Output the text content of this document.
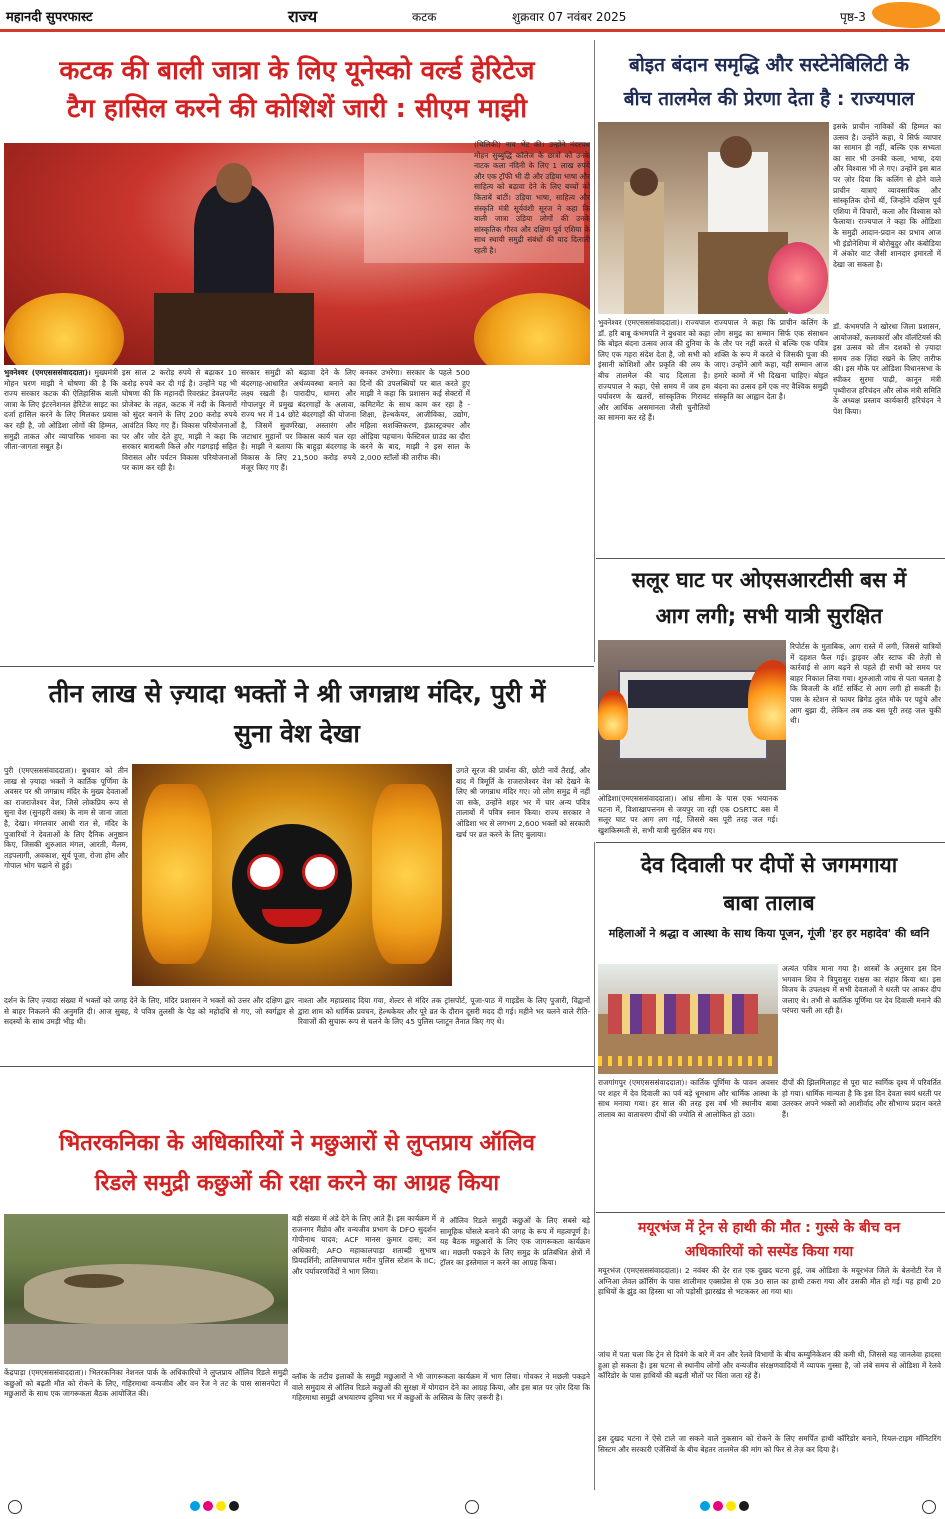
महानदी सुपरफास्ट	राज्य	कटक	शुक्रवार 07 नवंबर 2025	पृष्ठ-3
कटक की बाली जात्रा के लिए यूनेस्को वर्ल्ड हेरिटेज
टैग हासिल करने की कोशिशें जारी : सीएम माझी
भुवनेश्वर (एमएसससंवाददाता)। मुख्यमंत्री मोहन चरण माझी ने घोषणा की है कि राज्य सरकार कटक की ऐतिहासिक बाली जात्रा के लिए इंटरनेशनल हेरिटेज साइट का दर्जा हासिल करने के लिए मिलकर प्रयास कर रही है, जो ओडिशा लोगों की हिम्मत, समुद्री ताकत और व्यापारिक भावना का जीता-जागता सबूत है।
इस साल 2 करोड़ रुपये से बढ़ाकर 10 करोड़ रुपये कर दी गई है। उन्होंने यह भी घोषणा की कि महानदी रिवरफ्रंट डेवलपमेंट प्रोजेक्ट के तहत, कटक में नदी के किनारों को सुंदर बनाने के लिए 200 करोड़ रुपये आवंटित किए गए हैं। विकास परियोजनाओं पर और जोर देते हुए, माझी ने कहा कि सरकार बाराबती किले और गडगड़ाई सहित विरासत और पर्यटन विकास परियोजनाओं पर काम कर रही है।
सरकार समुद्री को बढ़ावा देने के लिए बंदरगाह-आधारित अर्थव्यवस्था बनाने का लक्ष्य रखती है। पारादीप, धामरा और गोपालपुर में प्रमुख बंदरगाहों के अलावा, राज्य भर में 14 छोटे बंदरगाहों की योजना है, जिसमें सुवर्णरेखा, अस्तारंग और जटाधार मुहानों पर विकास कार्य चल रहा है। माझी ने बताया कि बाहुड़ा बंदरगाह के विकास के लिए 21,500 करोड़ रुपये मंजूर किए गए हैं।
बनकर उभरेगा। सरकार के पहले 500 दिनों की उपलब्धियों पर बात करते हुए माझी ने कहा कि प्रशासन कई सेक्टरों में कमिटमेंट के साथ काम कर रहा है - शिक्षा, हेल्थकेयर, आजीविका, उद्योग, महिला सशक्तिकरण, इंफ्रास्ट्रक्चर और ओड़िया पहचान। फेस्टिवल ग्राउंड का दौरा करने के बाद, माझी ने इस साल के 2,000 स्टॉलों की तारीफ की।
(चिलिकी) नाव भेंट की। उन्होंने नंदरपथ मोहन सुब्बुद्धि कॉलेज के छात्रों को उनके नाटक कला नंदिनी के लिए 1 लाख रुपये और एक ट्रॉफी भी दी और उड़िया भाषा और साहित्य को बढ़ावा देने के लिए बच्चों को किताबें बांटीं। उड़िया भाषा, साहित्य और संस्कृति मंत्री सूर्यवंशी सूरज ने कहा कि बाली जात्रा उड़िया लोगों की उनके सांस्कृतिक गौरव और दक्षिण पूर्व एशिया के साथ स्थायी समुद्री संबंधों की याद दिलाती रहती है।
बोइत बंदान समृद्धि और सस्टेनेबिलिटी के
बीच तालमेल की प्रेरणा देता है : राज्यपाल
इसके प्राचीन नाविकों की हिम्मत का उत्सव है। उन्होंने कहा, ये सिर्फ व्यापार का सामान ही नहीं, बल्कि एक सभ्यता का सार भी उनकी कला, भाषा, दया और विश्वास भी ले गए। उन्होंने इस बात पर ज़ोर दिया कि कलिंग से होने वाले प्राचीन यात्राएं व्यावसायिक और सांस्कृतिक दोनों थीं, जिन्होंने दक्षिण पूर्व एशिया में विचारों, कला और विश्वास को फैलाया। राज्यपाल ने कहा कि ओडिशा के समुद्री आदान-प्रदान का प्रभाव आज भी इंडोनेशिया में बोरोबुदुर और कंबोडिया में अंकोर वाट जैसी शानदार इमारतों में देखा जा सकता है।
भुवनेश्वर (एमएसससंवाददाता)। राज्यपाल डॉ. हरि बाबू कंभमपति ने बुधवार को कहा कि बोइत बंदना उत्सव आज की दुनिया के लिए एक गहरा संदेश देता है, जो सभी को इंसानी कोशिशों और प्रकृति की लय के बीच तालमेल की याद दिलाता है। राज्यपाल ने कहा, ऐसे समय में जब हम पर्यावरण के खतरों, सांस्कृतिक गिरावट और आर्थिक असमानता जैसी चुनौतियों का सामना कर रहे हैं।
राज्यपाल ने कहा कि प्राचीन कलिंग के लोग समुद्र का सम्मान सिर्फ एक संसाधन के तौर पर नहीं करते थे बल्कि एक पवित्र शक्ति के रूप में करते थे जिसकी पूजा की जाए। उन्होंने आगे कहा, यही सम्मान आज हमारे कामों में भी दिखना चाहिए। बोइत बंदना का उत्सव हमें एक नए वैश्विक समुद्री संस्कृति का आह्वान देता है।
डॉ. कंभमपति ने खोरधा जिला प्रशासन, आयोजकों, कलाकारों और वॉलंटियर्स की इस उत्सव को तीन दशकों से ज़्यादा समय तक ज़िंदा रखने के लिए तारीफ की। इस मौके पर ओडिशा विधानसभा के स्पीकर सुरमा पाढ़ी, कानून मंत्री पृथ्वीराज हरिचंदन और लोक मंत्री समिति के अध्यक्ष प्रस्ताव कार्यकारी हरिचंदन ने पेश किया।
सलूर घाट पर ओएसआरटीसी बस में
आग लगी; सभी यात्री सुरक्षित
रिपोर्टस के मुताबिक, आग रास्ते में लगी, जिससे यात्रियों में दहशत फैल गई। ड्राइवर और स्टाफ की तेज़ी से कार्रवाई से आग बढ़ने से पहले ही सभी को समय पर बाहर निकाल लिया गया। शुरुआती जांच से पता चलता है कि बिजली के शॉर्ट सर्किट से आग लगी हो सकती है। पास के स्टेशन से फायर ब्रिगेड तुरंत मौके पर पहुंचे और आग बुझा दी, लेकिन तब तक बस पूरी तरह जल चुकी थी।
ओडिशा(एमएसससंवाददाता)। आंध्र सीमा के पास एक भयानक घटना में, विशाखापत्तनम से जयपुर जा रही एक OSRTC बस में सलूर घाट पर आग लग गई, जिससे बस पूरी तरह जल गई। खुशकिस्मती से, सभी यात्री सुरक्षित बच गए।
तीन लाख से ज़्यादा भक्तों ने श्री जगन्नाथ मंदिर, पुरी में
सुना वेश देखा
पुरी (एमएसससंवाददाता)। बुधवार को तीन लाख से ज़्यादा भक्तों ने कार्तिक पूर्णिमा के अवसर पर श्री जगन्नाथ मंदिर के मुख्य देवताओं का राजराजेश्वर वेश, जिसे लोकप्रिय रूप से सुना वेश (सुनहरी वस्त्र) के नाम से जाना जाता है, देखा। मंगलवार आधी रात से, मंदिर के पुजारियों ने देवताओं के लिए दैनिक अनुष्ठान किए, जिसकी शुरुआत मंगल, आरती, मैलम, तड़पलागी, अवकाश, सूर्य पूजा, रोजा होम और गोपाल भोग चढ़ाने से हुई।
उगते सूरज की प्रार्थना की, छोटी नावें तैराईं, और बाद में त्रिमूर्ति के राजराजेश्वर वेश को देखने के लिए श्री जगन्नाथ मंदिर गए। जो लोग समुद्र में नहीं जा सके, उन्होंने शहर भर में चार अन्य पवित्र तालाबों में पवित्र स्नान किया। राज्य सरकार ने ओडिशा भर से लगभग 2,600 भक्तों को सरकारी खर्च पर व्रत करने के लिए बुलाया।
दर्शन के लिए ज़्यादा संख्या में भक्तों को जगह देने के लिए, मंदिर प्रशासन ने भक्तों को उत्तर और दक्षिण द्वार से बाहर निकलने की अनुमति दी। आज सुबह, ये पवित्र तुलसी के पेड़ को महोदधि से गए, जो स्वर्गद्वार से सदस्यों के साथ उमड़ी भीड़ थी।
नाश्ता और महाप्रसाद दिया गया, शेल्टर से मंदिर तक ट्रांसपोर्ट, पूजा-पाठ में गाइडेंस के लिए पुजारी, विद्वानों द्वारा शाम को धार्मिक प्रवचन, हेल्थकेयर और पूरे व्रत के दौरान दूसरी मदद दी गई। महीने भर चलने वाले रीति-रिवाजों की सुचारू रूप से चलने के लिए 45 पुलिस प्लाटून तैनात किए गए थे।
देव दिवाली पर दीपों से जगमगाया
बाबा तालाब
महिलाओं ने श्रद्धा व आस्था के साथ किया पूजन, गूंजी 'हर हर महादेव' की ध्वनि
अत्यंत पवित्र माना गया है। शास्त्रों के अनुसार इस दिन भगवान शिव ने त्रिपुरासुर राक्षस का संहार किया था। इस विजय के उपलक्ष्य में सभी देवताओं ने धरती पर आकर दीप जलाए थे। तभी से कार्तिक पूर्णिमा पर देव दिवाली मनाने की परंपरा चली आ रही है।
राजगांगपुर (एमएसससंवाददाता)। कार्तिक पूर्णिमा के पावन अवसर पर शहर में देव दिवाली का पर्व बड़े धूमधाम और धार्मिक आस्था के साथ मनाया गया। हर साल की तरह इस वर्ष भी स्थानीय बाबा तालाब का वातावरण दीपों की ज्योति से आलोकित हो उठा।
दीपों की झिलमिलाहट से पूरा घाट स्वर्गिक दृश्य में परिवर्तित हो गया। धार्मिक मान्यता है कि इस दिन देवता स्वयं धरती पर उतरकर अपने भक्तों को आशीर्वाद और सौभाग्य प्रदान करते हैं।
भितरकनिका के अधिकारियों ने मछुआरों से लुप्तप्राय ऑलिव
रिडले समुद्री कछुओं की रक्षा करने का आग्रह किया
बड़ी संख्या में अंडे देने के लिए आते हैं। इस कार्यक्रम में राजनगर मैंग्रोव और वन्यजीव प्रभाग के DFO सुदर्शन गोपीनाथ यादव; ACF मानस कुमार दास; वन अधिकारी; AFO महाकालपाड़ा शताब्दी सुभाष प्रियदर्शिनी; तालिमचापाल मरीन पुलिस स्टेशन के IIC; और पर्यावरणविदों ने भाग लिया।
में ऑलिव रिडले समुद्री कछुओं के लिए सबसे बड़े सामूहिक घोंसले बनाने की जगह के रूप में महत्वपूर्ण है। यह बैठक मछुआरों के लिए एक जागरूकता कार्यक्रम था। मछली पकड़ने के लिए समुद्र के प्रतिबंधित क्षेत्रों में ट्रॉलर का इस्तेमाल न करने का आग्रह किया।
केंद्रपाड़ा (एमएसससंवाददाता)। भितरकनिका नेशनल पार्क के अधिकारियों ने लुप्तप्राय ऑलिव रिडले समुद्री कछुओं को बढ़ती मौत को रोकने के लिए, गहिरमाथा वन्यजीव और वन रेंज ने तट के पास सासनपेटा में मछुआरों के साथ एक जागरूकता बैठक आयोजित की।
व्लॉक के तटीय इलाकों के समुद्री मछुआरों ने भी जागरूकता कार्यक्रम में भाग लिया। गोवकर ने मछली पकड़ने वाले समुदाय से ऑलिव रिडले कछुओं की सुरक्षा में योगदान देने का आग्रह किया, और इस बात पर ज़ोर दिया कि गहिरमाथा समुद्री अभयारण्य दुनिया भर में कछुओं के अस्तित्व के लिए ज़रूरी है।
मयूरभंज में ट्रेन से हाथी की मौत : गुस्से के बीच वन
अधिकारियों को सस्पेंड किया गया
मयूरभंज (एमएसससंवाददाता)। 2 नवंबर की देर रात एक दुखद घटना हुई, जब ओडिशा के मयूरभंज जिले के बेतनोटी रेंज में अग्निआ लेवल क्रॉसिंग के पास शालीमार एक्सप्रेस से एक 30 साल का हाथी टकरा गया और उसकी मौत हो गई। यह हाथी 20 हाथियों के झुंड का हिस्सा था जो पड़ोसी झारखंड से भटककर आ गया था।
जांच में पता चला कि ट्रेन से दिवंगे के बारे में वन और रेलवे विभागों के बीच कम्युनिकेशन की कमी थी, जिससे यह जानलेवा हादसा हुआ हो सकता है। इस घटना से स्थानीय लोगों और वन्यजीव संरक्षणवादियों में व्यापक गुस्सा है, जो लंबे समय से ओडिशा में रेलवे कॉरिडोर के पास हाथियों की बढ़ती मौतों पर चिंता जता रहे हैं।
इस दुखद घटना ने ऐसे टाले जा सकने वाले नुकसान को रोकने के लिए समर्पित हाथी कॉरिडोर बनाने, रियल-टाइम मॉनिटरिंग सिस्टम और सरकारी एजेंसियों के बीच बेहतर तालमेल की मांग को फिर से तेज़ कर दिया है।
